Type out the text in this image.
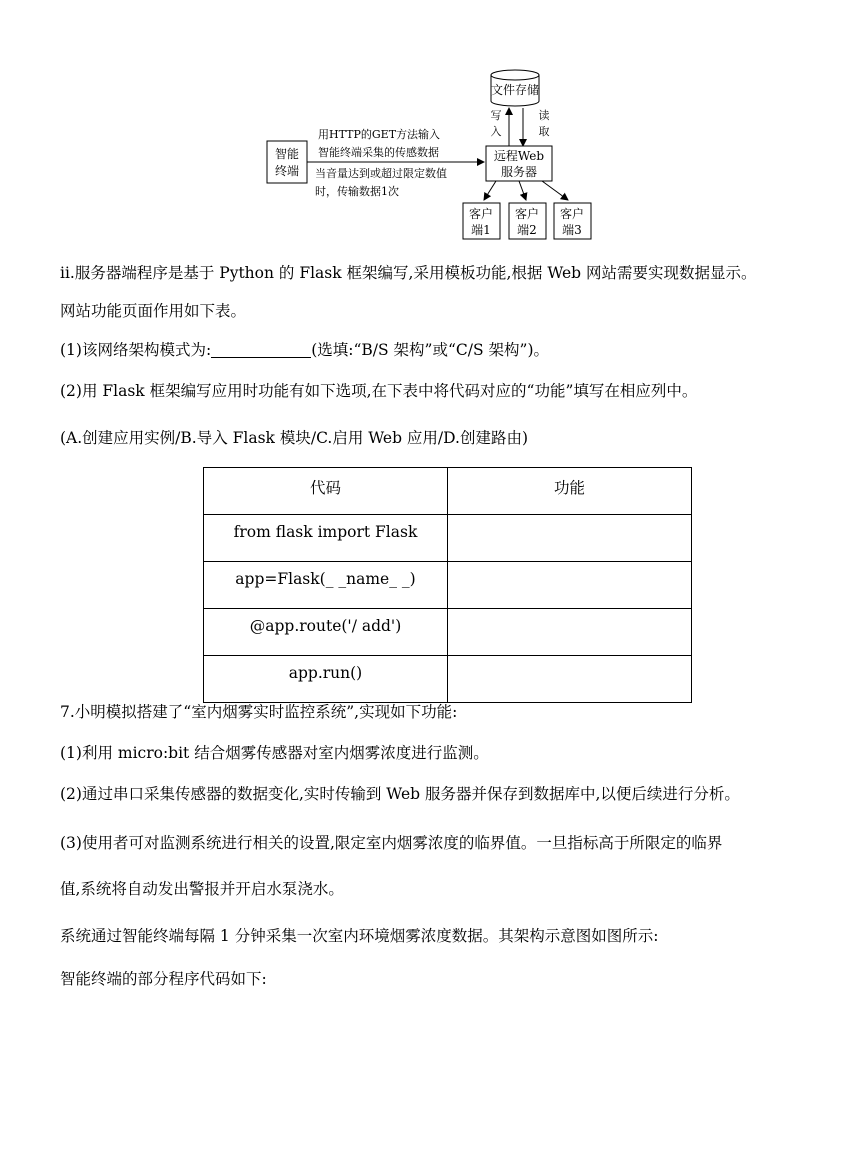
文件存储
写
入
读
取
智能
终端
用HTTP的GET方法输入
智能终端采集的传感数据
当音量达到或超过限定数值
时，传输数据1次
远程Web
服务器
客户
端1
客户
端2
客户
端3
ⅱ.服务器端程序是基于 Python 的 Flask 框架编写,采用模板功能,根据 Web 网站需要实现数据显示。
网站功能页面作用如下表。
(1)该网络架构模式为:	(选填:“B/S 架构”或“C/S 架构”)。
(2)用 Flask 框架编写应用时功能有如下选项,在下表中将代码对应的“功能”填写在相应列中。
(A.创建应用实例/B.导入 Flask 模块/C.启用 Web 应用/D.创建路由)
代码	功能
from flask import Flask	
app=Flask(_ _name_ _)	
@app.route('/ add')	
app.run()	
7.小明模拟搭建了“室内烟雾实时监控系统”,实现如下功能:
(1)利用 micro:bit 结合烟雾传感器对室内烟雾浓度进行监测。
(2)通过串口采集传感器的数据变化,实时传输到 Web 服务器并保存到数据库中,以便后续进行分析。
(3)使用者可对监测系统进行相关的设置,限定室内烟雾浓度的临界值。一旦指标高于所限定的临界
值,系统将自动发出警报并开启水泵浇水。
系统通过智能终端每隔 1 分钟采集一次室内环境烟雾浓度数据。其架构示意图如图所示:
智能终端的部分程序代码如下:
